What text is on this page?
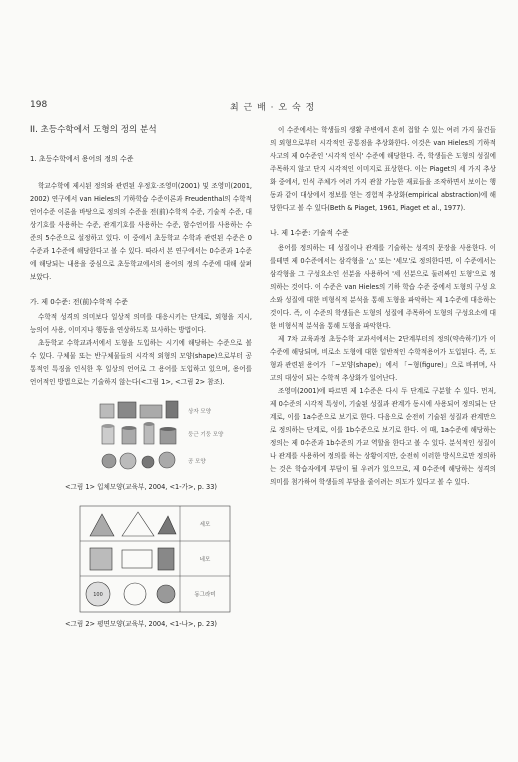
198	최 근 배 · 오 숙 정
II. 초등수학에서 도형의 정의 분석
1. 초등수학에서 용어의 정의 수준

학교수학에 제시된 정의와 관련된 우정호·조영미(2001) 및 조영미(2001, 2002) 연구에서 van Hieles의 기하학습 수준이론과 Freudenthal의 수학적 언어수준 이론을 바탕으로 정의의 수준을 전(前)수학적 수준, 기술적 수준, 대상기호를 사용하는 수준, 관계기호를 사용하는 수준, 함수언어를 사용하는 수준의 5수준으로 설정하고 있다. 이 중에서 초등학교 수학과 관련된 수준은 0수준과 1수준에 해당한다고 볼 수 있다. 따라서 본 연구에서는 0수준과 1수준에 해당되는 내용을 중심으로 초등학교에서의 용어의 정의 수준에 대해 살펴보았다.

가. 제 0수준: 전(前)수학적 수준

수학적 성격의 의미보다 일상적 의미를 대응시키는 단계로, 외형을 지시, 능의어 사용, 이미지나 행동을 연상하도록 묘사하는 방법이다.

초등학교 수학교과서에서 도형을 도입하는 시기에 해당하는 수준으로 볼 수 있다. 구체물 또는 반구체물들의 시각적 외형의 모양(shape)으로부터 공통적인 특징을 인식한 후 일상의 언어로 그 용어를 도입하고 있으며, 용어를 언어적인 방법으로는 기술하지 않는다(<그림 1>, <그림 2> 참조).

상자 모양
둥근 기둥 모양
공 모양

<그림 1> 입체모양(교육부, 2004, <1-가>, p. 33)

100
세모
네모
동그라미

<그림 2> 평면모양(교육부, 2004, <1-나>, p. 23)

이 수준에서는 학생들의 생활 주변에서 흔히 접할 수 있는 여러 가지 물건들의 외형으로부터 시각적인 공통점을 추상화한다. 이것은 van Hieles의 기하적 사고의 제 0수준인 '시각적 인식' 수준에 해당한다. 즉, 학생들은 도형의 성질에 주목하지 않고 단지 시각적인 이미지로 표상한다. 이는 Piaget의 세 가지 추상화 중에서, 인식 주체가 여러 가지 관찰 가능한 재료들을 조작하면서 보이는 행동과 같이 대상에서 정보를 얻는 경험적 추상화(empirical abstraction)에 해당한다고 볼 수 있다(Beth & Piaget, 1961, Piaget et al., 1977).

나. 제 1수준: 기술적 수준

용어를 정의하는 데 성질이나 관계를 기술하는 성격의 문장을 사용한다. 이를테면 제 0수준에서는 삼각형을 '△' 또는 '세모'로 정의한다면, 이 수준에서는 삼각형을 그 구성요소인 선분을 사용하여 '세 선분으로 둘러싸인 도형'으로 정의하는 것이다. 이 수준은 van Hieles의 기하 학습 수준 중에서 도형의 구성 요소와 성질에 대한 비형식적 분석을 통해 도형을 파악하는 제 1수준에 대응하는 것이다. 즉, 이 수준의 학생들은 도형의 성질에 주목하여 도형의 구성요소에 대한 비형식적 분석을 통해 도형을 파악한다.

제 7차 교육과정 초등수학 교과서에서는 2단계부터의 정의(약속하기)가 이 수준에 해당되며, 비로소 도형에 대한 일반적인 수학적용어가 도입된다. 즉, 도형과 관련된 용어가 「~모양(shape)」에서 「~형(figure)」으로 바뀌며, 사고의 대상이 되는 수학적 추상화가 일어난다.

조영미(2001)에 따르면 제 1수준은 다시 두 단계로 구분할 수 있다. 먼저, 제 0수준의 시각적 특성이, 기술된 성질과 관계가 동시에 사용되어 정의되는 단계로, 이를 1a수준으로 보기로 한다. 다음으로 순전히 기술된 성질과 관계만으로 정의하는 단계로, 이를 1b수준으로 보기로 한다. 이 때, 1a수준에 해당하는 정의는 제 0수준과 1b수준의 가교 역할을 한다고 볼 수 있다. 분석적인 성질이나 관계를 사용하여 정의를 하는 상황이지만, 순전히 이러한 방식으로만 정의하는 것은 학습자에게 부담이 될 우려가 있으므로, 제 0수준에 해당하는 성격의 의미를 첨가하여 학생들의 부담을 줄이려는 의도가 있다고 볼 수 있다.
